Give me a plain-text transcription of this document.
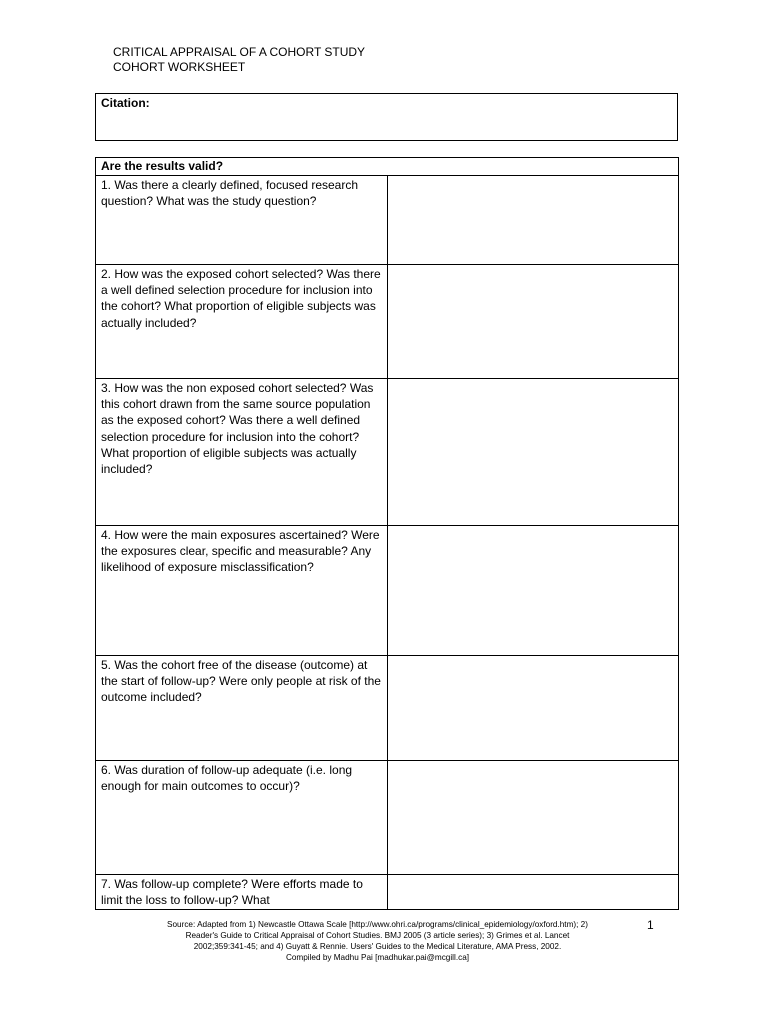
CRITICAL APPRAISAL OF A COHORT STUDY
COHORT WORKSHEET
Citation:
Are the results valid?	
1. Was there a clearly defined, focused research question? What was the study question?	
2. How was the exposed cohort selected? Was there a well defined selection procedure for inclusion into the cohort? What proportion of eligible subjects was actually included?	
3. How was the non exposed cohort selected? Was this cohort drawn from the same source population as the exposed cohort? Was there a well defined selection procedure for inclusion into the cohort? What proportion of eligible subjects was actually included?	
4. How were the main exposures ascertained? Were the exposures clear, specific and measurable? Any likelihood of exposure misclassification?	
5. Was the cohort free of the disease (outcome) at the start of follow-up? Were only people at risk of the outcome included?	
6. Was duration of follow-up adequate (i.e. long enough for main outcomes to occur)?	
7. Was follow-up complete? Were efforts made to limit the loss to follow-up? What	
Source: Adapted from 1) Newcastle Ottawa Scale [http://www.ohri.ca/programs/clinical_epidemiology/oxford.htm); 2)
Reader's Guide to Critical Appraisal of Cohort Studies. BMJ 2005 (3 article series); 3) Grimes et al. Lancet
2002;359:341-45; and 4) Guyatt & Rennie. Users' Guides to the Medical Literature, AMA Press, 2002.
Compiled by Madhu Pai [madhukar.pai@mcgill.ca]
1
